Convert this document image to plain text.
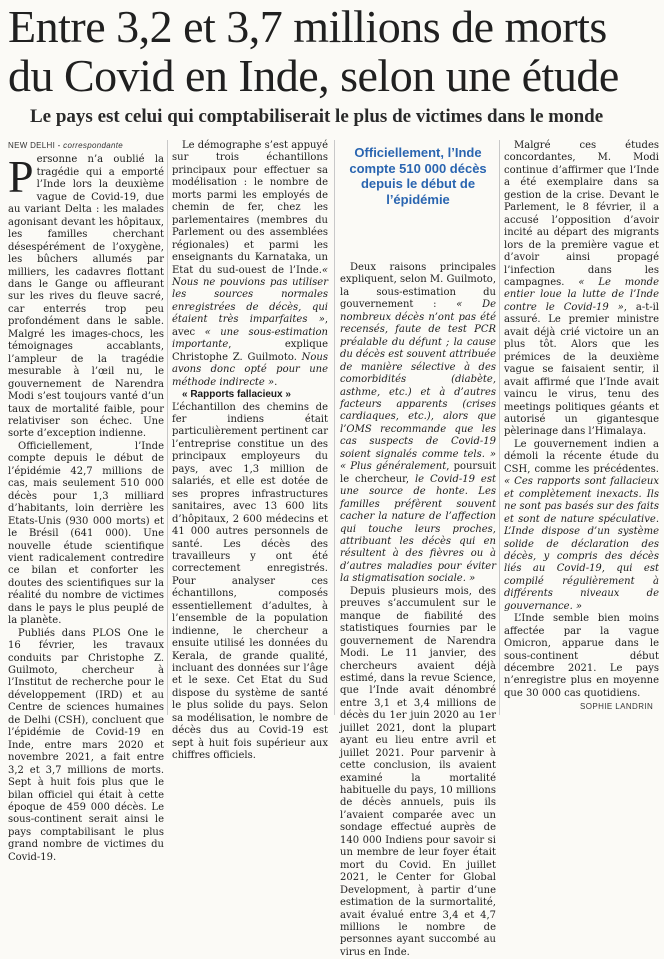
Entre 3,2 et 3,7 millions de morts du Covid en Inde, selon une étude
Le pays est celui qui comptabiliserait le plus de victimes dans le monde

NEW DELHI - correspondante

Personne n’a oublié la tragédie qui a emporté l’Inde lors la deuxième vague de Covid-19, due au variant Delta : les malades agonisant devant les hôpitaux, les familles cherchant désespérément de l’oxygène, les bûchers allumés par milliers, les cadavres flottant dans le Gange ou affleurant sur les rives du fleuve sacré, car enterrés trop peu profondément dans le sable. Malgré les images-chocs, les témoignages accablants, l’ampleur de la tragédie mesurable à l’œil nu, le gouvernement de Narendra Modi s’est toujours vanté d’un taux de mortalité faible, pour relativiser son échec. Une sorte d’exception indienne.

Officiellement, l’Inde compte depuis le début de l’épidémie 42,7 millions de cas, mais seulement 510 000 décès pour 1,3 milliard d’habitants, loin derrière les Etats-Unis (930 000 morts) et le Brésil (641 000). Une nouvelle étude scientifique vient radicalement contredire ce bilan et conforter les doutes des scientifiques sur la réalité du nombre de victimes dans le pays le plus peuplé de la planète.

Publiés dans PLOS One le 16 février, les travaux conduits par Christophe Z. Guilmoto, chercheur à l’Institut de recherche pour le développement (IRD) et au Centre de sciences humaines de Delhi (CSH), concluent que l’épidémie de Covid-19 en Inde, entre mars 2020 et novembre 2021, a fait entre 3,2 et 3,7 millions de morts. Sept à huit fois plus que le bilan officiel qui était à cette époque de 459 000 décès. Le sous-continent serait ainsi le pays comptabilisant le plus grand nombre de victimes du Covid-19.

Le démographe s’est appuyé sur trois échantillons principaux pour effectuer sa modélisation : le nombre de morts parmi les employés de chemin de fer, chez les parlementaires (membres du Parlement ou des assemblées régionales) et parmi les enseignants du Karnataka, un Etat du sud-ouest de l’Inde.« Nous ne pouvions pas utiliser les sources normales enregistrées de décès, qui étaient très imparfaites », avec « une sous-estimation importante, explique Christophe Z. Guilmoto. Nous avons donc opté pour une méthode indirecte ».

« Rapports fallacieux »

L’échantillon des chemins de fer indiens était particulièrement pertinent car l’entreprise constitue un des principaux employeurs du pays, avec 1,3 million de salariés, et elle est dotée de ses propres infrastructures sanitaires, avec 13 600 lits d’hôpitaux, 2 600 médecins et 41 000 autres personnels de santé. Les décès des travailleurs y ont été correctement enregistrés. Pour analyser ces échantillons, composés essentiellement d’adultes, à l’ensemble de la population indienne, le chercheur a ensuite utilisé les données du Kerala, de grande qualité, incluant des données sur l’âge et le sexe. Cet Etat du Sud dispose du système de santé le plus solide du pays. Selon sa modélisation, le nombre de décès dus au Covid-19 est sept à huit fois supérieur aux chiffres officiels.

Officiellement, l’Inde compte 510 000 décès depuis le début de l’épidémie

Deux raisons principales expliquent, selon M. Guilmoto, la sous-estimation du gouvernement : « De nombreux décès n’ont pas été recensés, faute de test PCR préalable du défunt ; la cause du décès est souvent attribuée de manière sélective à des comorbidités (diabète, asthme, etc.) et à d’autres facteurs apparents (crises cardiaques, etc.), alors que l’OMS recommande que les cas suspects de Covid-19 soient signalés comme tels. » « Plus généralement, poursuit le chercheur, le Covid-19 est une source de honte. Les familles préfèrent souvent cacher la nature de l’affection qui touche leurs proches, attribuant les décès qui en résultent à des fièvres ou à d’autres maladies pour éviter la stigmatisation sociale. »

Depuis plusieurs mois, des preuves s’accumulent sur le manque de fiabilité des statistiques fournies par le gouvernement de Narendra Modi. Le 11 janvier, des chercheurs avaient déjà estimé, dans la revue Science, que l’Inde avait dénombré entre 3,1 et 3,4 millions de décès du 1er juin 2020 au 1er juillet 2021, dont la plupart ayant eu lieu entre avril et juillet 2021. Pour parvenir à cette conclusion, ils avaient examiné la mortalité habituelle du pays, 10 millions de décès annuels, puis ils l’avaient comparée avec un sondage effectué auprès de 140 000 Indiens pour savoir si un membre de leur foyer était mort du Covid. En juillet 2021, le Center for Global Development, à partir d’une estimation de la surmortalité, avait évalué entre 3,4 et 4,7 millions le nombre de personnes ayant succombé au virus en Inde.

Malgré ces études concordantes, M. Modi continue d’affirmer que l’Inde a été exemplaire dans sa gestion de la crise. Devant le Parlement, le 8 février, il a accusé l’opposition d’avoir incité au départ des migrants lors de la première vague et d’avoir ainsi propagé l’infection dans les campagnes. « Le monde entier loue la lutte de l’Inde contre le Covid-19 », a-t-il assuré. Le premier ministre avait déjà crié victoire un an plus tôt. Alors que les prémices de la deuxième vague se faisaient sentir, il avait affirmé que l’Inde avait vaincu le virus, tenu des meetings politiques géants et autorisé un gigantesque pèlerinage dans l’Himalaya.

Le gouvernement indien a démoli la récente étude du CSH, comme les précédentes. « Ces rapports sont fallacieux et complètement inexacts. Ils ne sont pas basés sur des faits et sont de nature spéculative. L’Inde dispose d’un système solide de déclaration des décès, y compris des décès liés au Covid-19, qui est compilé régulièrement à différents niveaux de gouvernance. »

L’Inde semble bien moins affectée par la vague Omicron, apparue dans le sous-continent début décembre 2021. Le pays n’enregistre plus en moyenne que 30 000 cas quotidiens.

SOPHIE LANDRIN
